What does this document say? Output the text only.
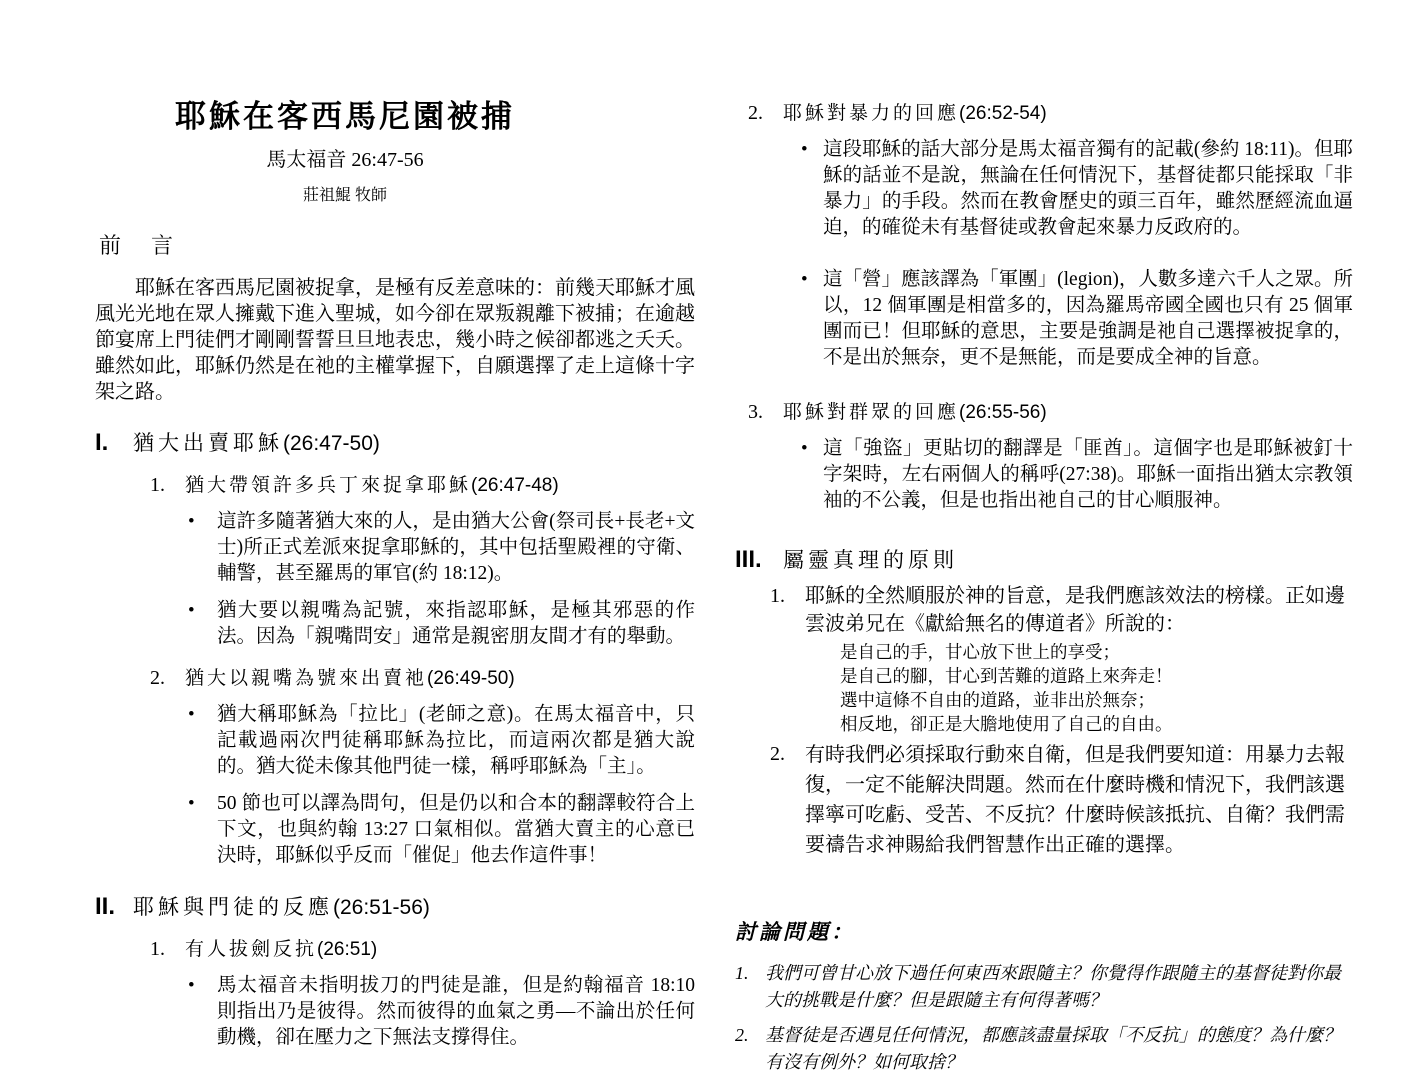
耶穌在客西馬尼園被捕
馬太福音 26:47-56
莊祖鯤 牧師
前　言
耶穌在客西馬尼園被捉拿，是極有反差意味的：前幾天耶穌才風風光光地在眾人擁戴下進入聖城，如今卻在眾叛親離下被捕；在逾越節宴席上門徒們才剛剛誓誓旦旦地表忠，幾小時之候卻都逃之夭夭。雖然如此，耶穌仍然是在祂的主權掌握下，自願選擇了走上這條十字架之路。
I.	猶大出賣耶穌(26:47-50)
1.	猶大帶領許多兵丁來捉拿耶穌(26:47-48)
•	這許多隨著猶大來的人，是由猶大公會(祭司長+長老+文士)所正式差派來捉拿耶穌的，其中包括聖殿裡的守衛、輔警，甚至羅馬的軍官(約 18:12)。
•	猶大要以親嘴為記號，來指認耶穌，是極其邪惡的作法。因為「親嘴問安」通常是親密朋友間才有的舉動。
2.	猶大以親嘴為號來出賣祂(26:49-50)
•	猶大稱耶穌為「拉比」(老師之意)。在馬太福音中，只記載過兩次門徒稱耶穌為拉比，而這兩次都是猶大說的。猶大從未像其他門徒一樣，稱呼耶穌為「主」。
•	50 節也可以譯為問句，但是仍以和合本的翻譯較符合上下文，也與約翰 13:27 口氣相似。當猶大賣主的心意已決時，耶穌似乎反而「催促」他去作這件事！
II. 耶穌與門徒的反應(26:51-56)
1.	有人拔劍反抗(26:51)
•	馬太福音未指明拔刀的門徒是誰，但是約翰福音 18:10 則指出乃是彼得。然而彼得的血氣之勇—不論出於任何動機，卻在壓力之下無法支撐得住。
2.	耶穌對暴力的回應(26:52-54)
• 這段耶穌的話大部分是馬太福音獨有的記載(參約 18:11)。但耶穌的話並不是說，無論在任何情況下，基督徒都只能採取「非暴力」的手段。然而在教會歷史的頭三百年，雖然歷經流血逼迫，的確從未有基督徒或教會起來暴力反政府的。
• 這「營」應該譯為「軍團」(legion)，人數多達六千人之眾。所以，12 個軍團是相當多的，因為羅馬帝國全國也只有 25 個軍團而已！但耶穌的意思，主要是強調是祂自己選擇被捉拿的，不是出於無奈，更不是無能，而是要成全神的旨意。
3.	耶穌對群眾的回應(26:55-56)
• 這「強盜」更貼切的翻譯是「匪酋」。這個字也是耶穌被釘十字架時，左右兩個人的稱呼(27:38)。耶穌一面指出猶太宗教領袖的不公義，但是也指出祂自己的甘心順服神。
III.	屬靈真理的原則
1.	耶穌的全然順服於神的旨意，是我們應該效法的榜樣。正如邊雲波弟兄在《獻給無名的傳道者》所說的：
是自己的手，甘心放下世上的享受；
是自己的腳，甘心到苦難的道路上來奔走！
選中這條不自由的道路，並非出於無奈；
相反地，卻正是大膽地使用了自己的自由。
2.	有時我們必須採取行動來自衛，但是我們要知道：用暴力去報復，一定不能解決問題。然而在什麼時機和情況下，我們該選擇寧可吃虧、受苦、不反抗？什麼時候該抵抗、自衛？我們需要禱告求神賜給我們智慧作出正確的選擇。
討論問題：
1. 我們可曾甘心放下過任何東西來跟隨主？你覺得作跟隨主的基督徒對你最大的挑戰是什麼？但是跟隨主有何得著嗎？
2. 基督徒是否遇見任何情況，都應該盡量採取「不反抗」的態度？為什麼？有沒有例外？如何取捨？
